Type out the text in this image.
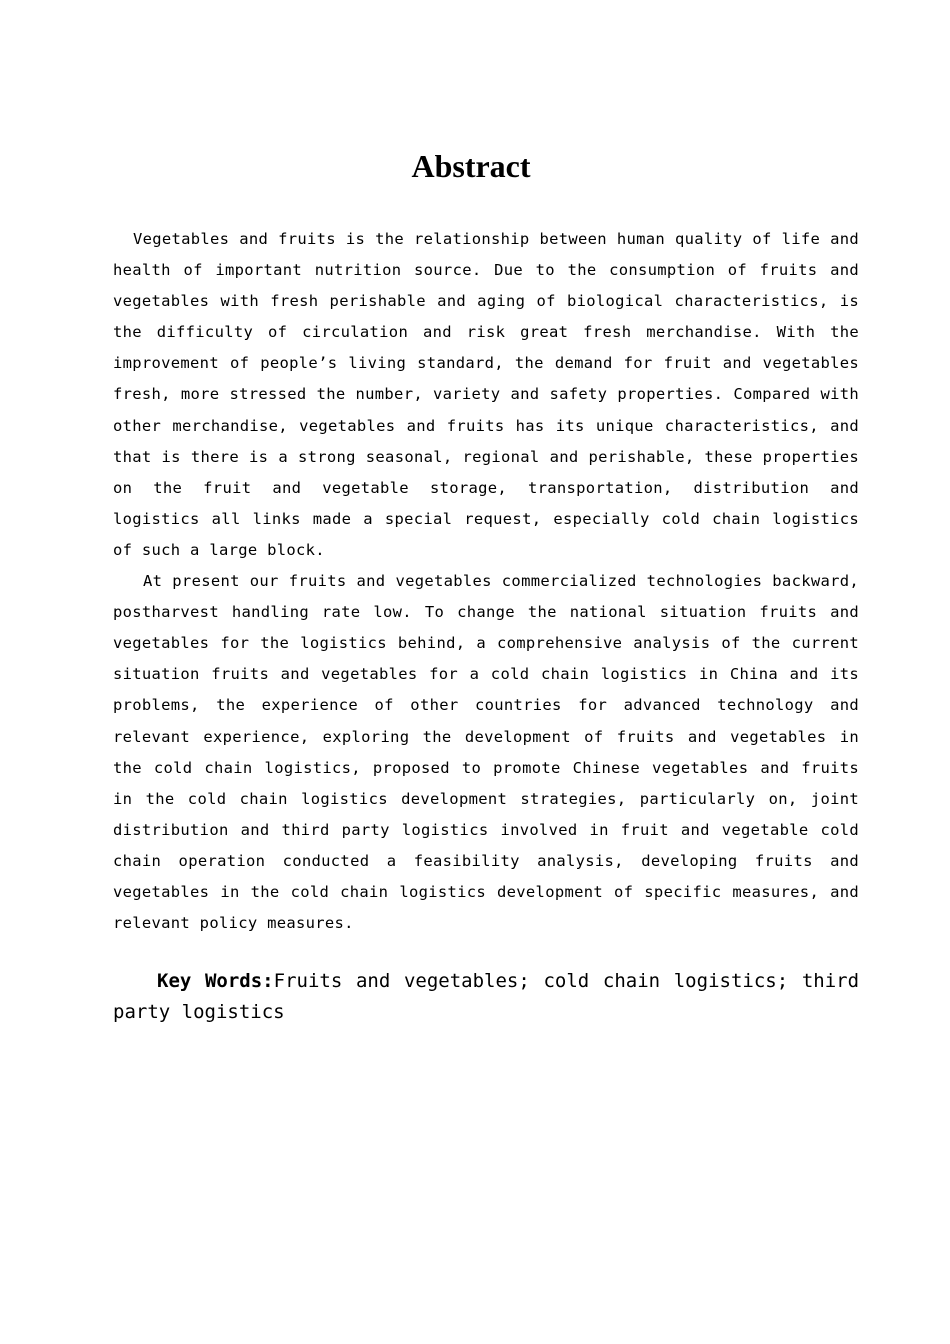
Abstract

Vegetables and fruits is the relationship between human quality of life and health of important nutrition source. Due to the consumption of fruits and vegetables with fresh perishable and aging of biological characteristics, is the difficulty of circulation and risk great fresh merchandise. With the improvement of people’s living standard, the demand for fruit and vegetables fresh, more stressed the number, variety and safety properties. Compared with other merchandise, vegetables and fruits has its unique characteristics, and that is there is a strong seasonal, regional and perishable, these properties on the fruit and vegetable storage, transportation, distribution and logistics all links made a special request, especially cold chain logistics of such a large block.

At present our fruits and vegetables commercialized technologies backward, postharvest handling rate low. To change the national situation fruits and vegetables for the logistics behind, a comprehensive analysis of the current situation fruits and vegetables for a cold chain logistics in China and its problems, the experience of other countries for advanced technology and relevant experience, exploring the development of fruits and vegetables in the cold chain logistics, proposed to promote Chinese vegetables and fruits in the cold chain logistics development strategies, particularly on, joint distribution and third party logistics involved in fruit and vegetable cold chain operation conducted a feasibility analysis, developing fruits and vegetables in the cold chain logistics development of specific measures, and relevant policy measures.

Key Words:Fruits and vegetables; cold chain logistics; third party logistics
